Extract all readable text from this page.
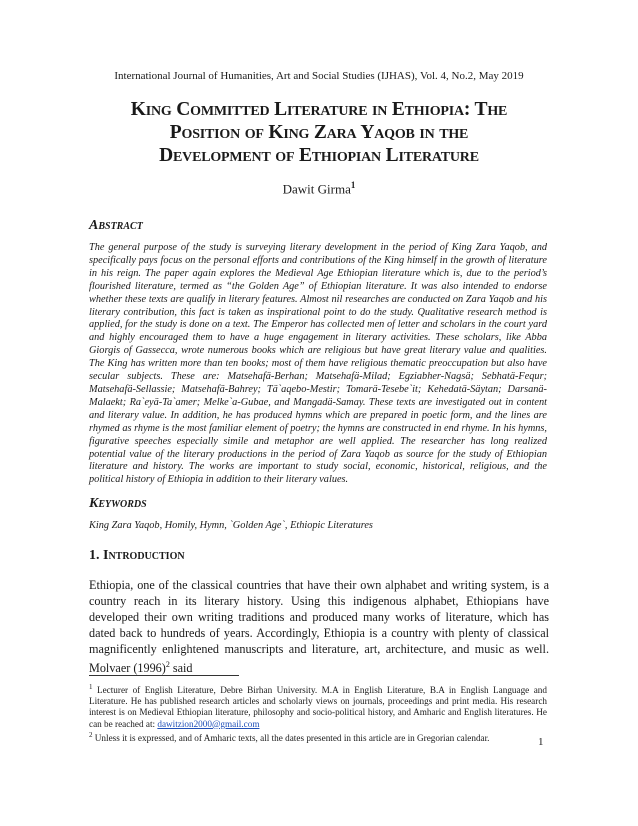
International Journal of Humanities, Art and Social Studies (IJHAS), Vol. 4, No.2, May 2019
King Committed Literature in Ethiopia: The
Position of King Zara Yaqob in the
Development of Ethiopian Literature
Dawit Girma$^1$
Abstract
The general purpose of the study is surveying literary development in the period of King Zara Yaqob, and specifically pays focus on the personal efforts and contributions of the King himself in the growth of literature in his reign. The paper again explores the Medieval Age Ethiopian literature which is, due to the period’s flourished literature, termed as “the Golden Age” of Ethiopian literature. It was also intended to endorse whether these texts are qualify in literary features. Almost nil researches are conducted on Zara Yaqob and his literary contribution, this fact is taken as inspirational point to do the study. Qualitative research method is applied, for the study is done on a text. The Emperor has collected men of letter and scholars in the court yard and highly encouraged them to have a huge engagement in literary activities. These scholars, like Abba Giorgis of Gassecca, wrote numerous books which are religious but have great literary value and qualities. The King has written more than ten books; most of them have religious thematic preoccupation but also have secular subjects. These are: Matsehafä-Berhan; Matsehafä-Milad; Egziabher-Nagsä; Sebhatä-Fequr; Matsehafä-Sellassie; Matsehafä-Bahrey; Tä`aqebo-Mestir; Tomarä-Tesebe`it; Kehedatä-Säytan; Darsanä-Malaekt; Ra`eyä-Ta`amer; Melke`a-Gubae, and Mangadä-Samay. These texts are investigated out in content and literary value. In addition, he has produced hymns which are prepared in poetic form, and the lines are rhymed as rhyme is the most familiar element of poetry; the hymns are constructed in end rhyme. In his hymns, figurative speeches especially simile and metaphor are well applied. The researcher has long realized potential value of the literary productions in the period of Zara Yaqob as source for the study of Ethiopian literature and history. The works are important to study social, economic, historical, religious, and the political history of Ethiopia in addition to their literary values.
Keywords
King Zara Yaqob, Homily, Hymn, `Golden Age`, Ethiopic Literatures
1. Introduction
Ethiopia, one of the classical countries that have their own alphabet and writing system, is a country reach in its literary history. Using this indigenous alphabet, Ethiopians have developed their own writing traditions and produced many works of literature, which has dated back to hundreds of years. Accordingly, Ethiopia is a country with plenty of classical magnificently enlightened manuscripts and literature, art, architecture, and music as well. Molvaer $(1996)^2$ said

$^1$ Lecturer of English Literature, Debre Birhan University. M.A in English Literature, B.A in English Language and Literature. He has published research articles and scholarly views on journals, proceedings and print media. His research interest is on Medieval Ethiopian literature, philosophy and socio-political history, and Amharic and English literatures. He can be reached at: dawitzion2000@gmail.com

$^2$ Unless it is expressed, and of Amharic texts, all the dates presented in this article are in Gregorian calendar.	1
